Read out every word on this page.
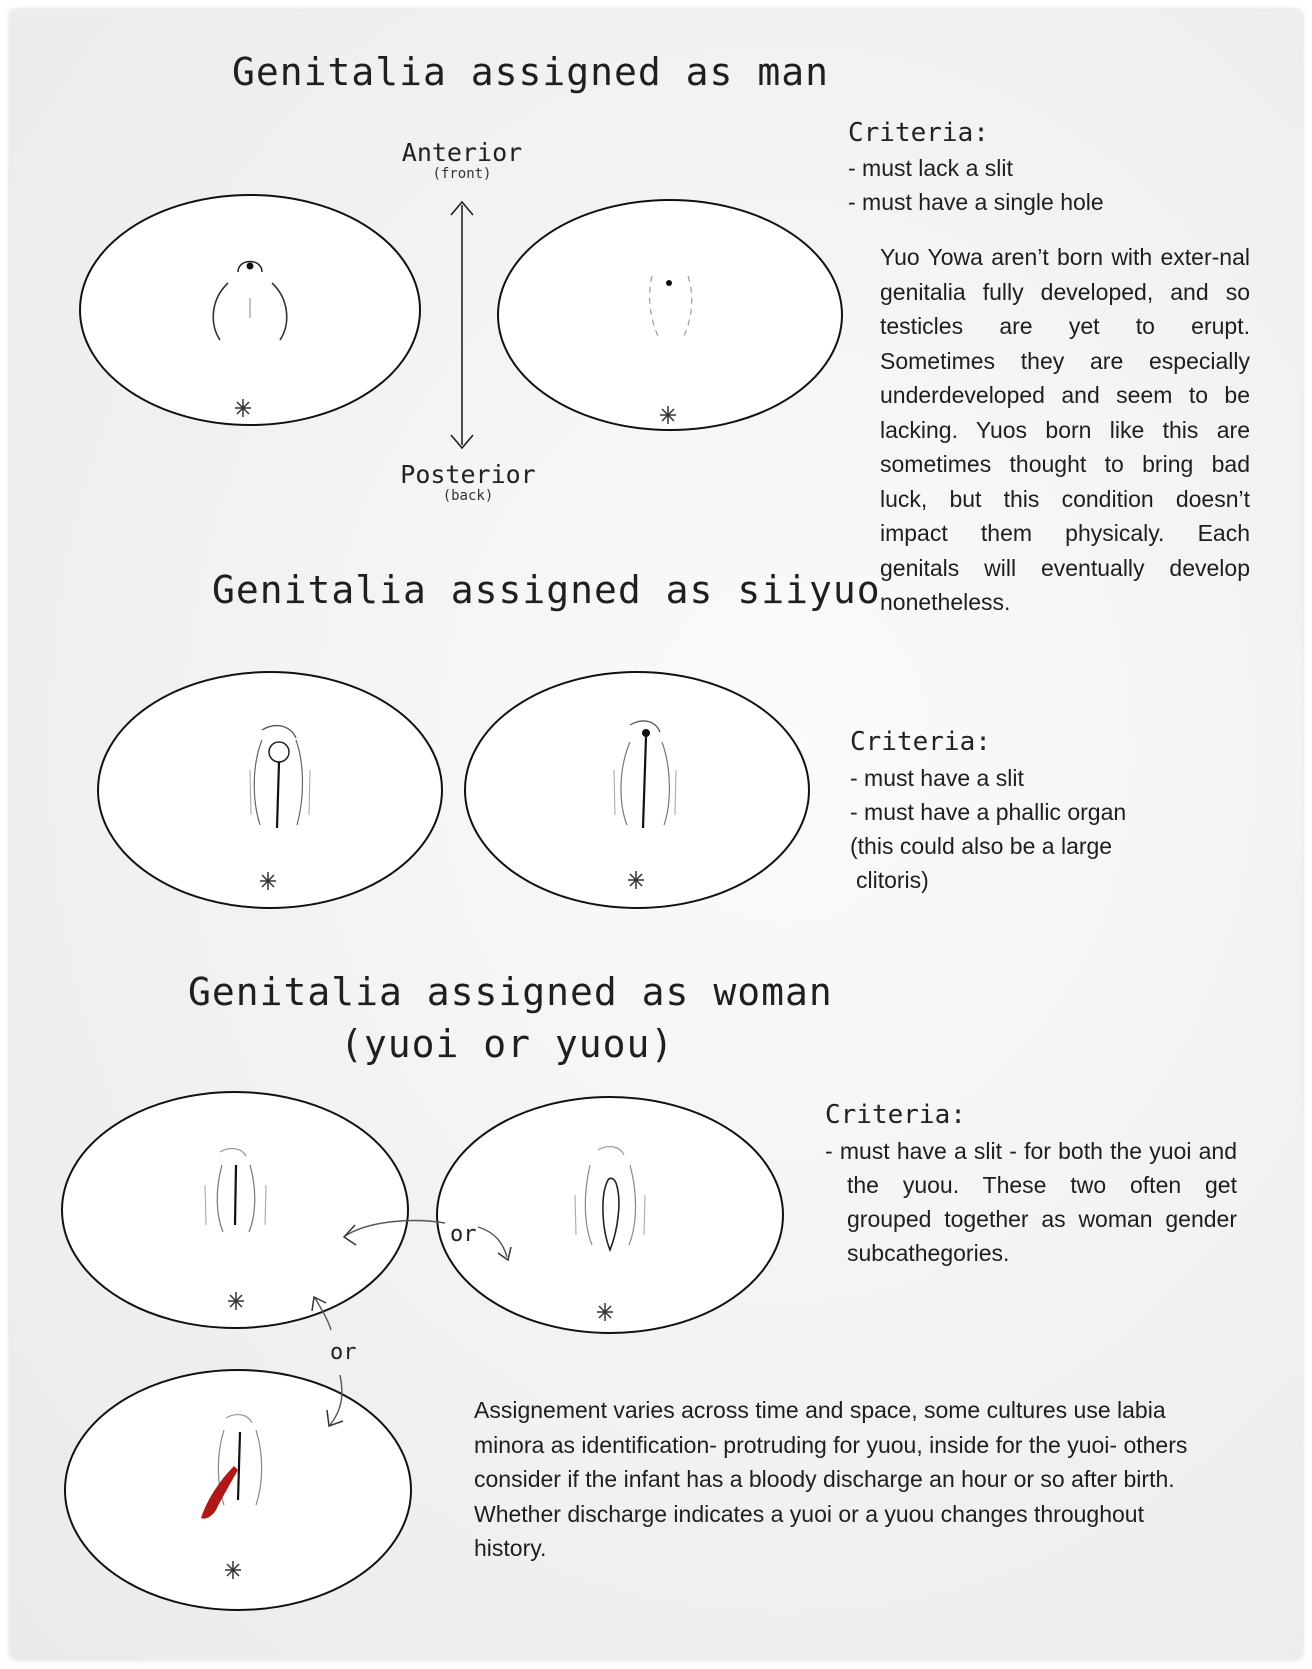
Genitalia assigned as man

Anterior
(front)

Posterior
(back)

Criteria:

- must lack a slit
- must have a single hole

Yuo Yowa aren’t born with exter-nal genitalia fully developed, and so testicles are yet to erupt. Sometimes they are especially underdeveloped and seem to be lacking. Yuos born like this are sometimes thought to bring bad luck, but this condition doesn’t impact them physicaly. Each genitals will eventually develop nonetheless.

Genitalia assigned as siiyuo

Criteria:

- must have a slit
- must have a phallic organ
(this could also be a large
clitoris)
Genitalia assigned as woman
(yuoi or yuou)

Criteria:

- must have a slit - for both the yuoi and the yuou. These two often get grouped together as woman gender subcathegories.

or

or

Assignement varies across time and space, some cultures use labia minora as identification- protruding for yuou, inside for the yuoi- others consider if the infant has a bloody discharge an hour or so after birth. Whether discharge indicates a yuoi or a yuou changes throughout history.
